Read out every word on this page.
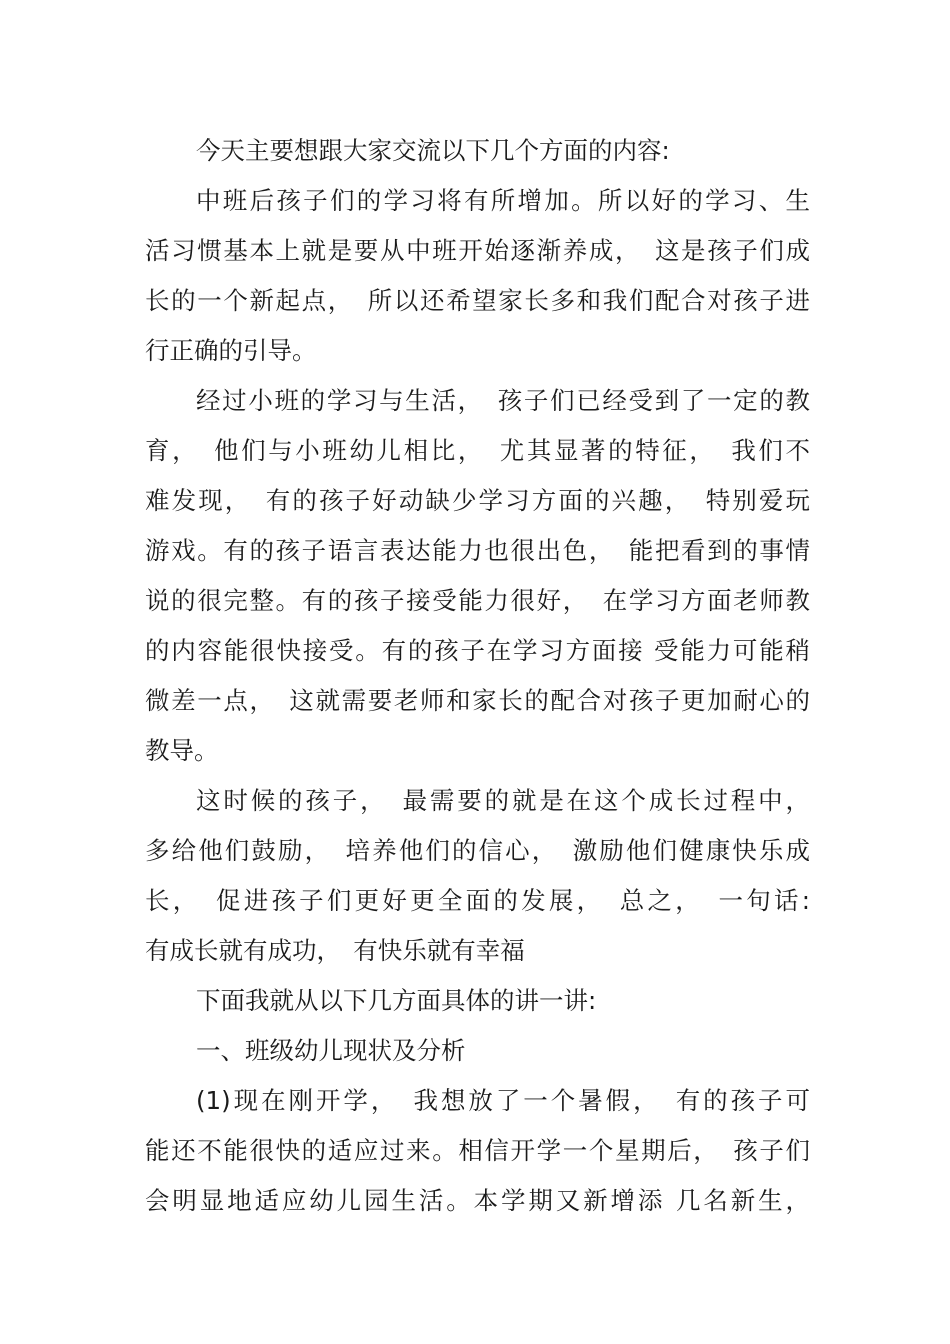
今天主要想跟大家交流以下几个方面的内容:
中班后孩子们的学习将有所增加。所以好的学习、生
活习惯基本上就是要从中班开始逐渐养成，　这是孩子们成
长的一个新起点，　所以还希望家长多和我们配合对孩子进
行正确的引导。
经过小班的学习与生活，　孩子们已经受到了一定的教
育，　他们与小班幼儿相比，　尤其显著的特征，　我们不
难发现，　有的孩子好动缺少学习方面的兴趣，　特别爱玩
游戏。有的孩子语言表达能力也很出色，　能把看到的事情
说的很完整。有的孩子接受能力很好，　在学习方面老师教
的内容能很快接受。有的孩子在学习方面接 受能力可能稍
微差一点，　这就需要老师和家长的配合对孩子更加耐心的
教导。
这时候的孩子，　最需要的就是在这个成长过程中，
多给他们鼓励，　培养他们的信心，　激励他们健康快乐成
长，　促进孩子们更好更全面的发展，　总之，　一句话:
有成长就有成功，　有快乐就有幸福
下面我就从以下几方面具体的讲一讲:
一、班级幼儿现状及分析
(1)现在刚开学，　我想放了一个暑假，　有的孩子可
能还不能很快的适应过来。相信开学一个星期后，　孩子们
会明显地适应幼儿园生活。本学期又新增添 几名新生，
